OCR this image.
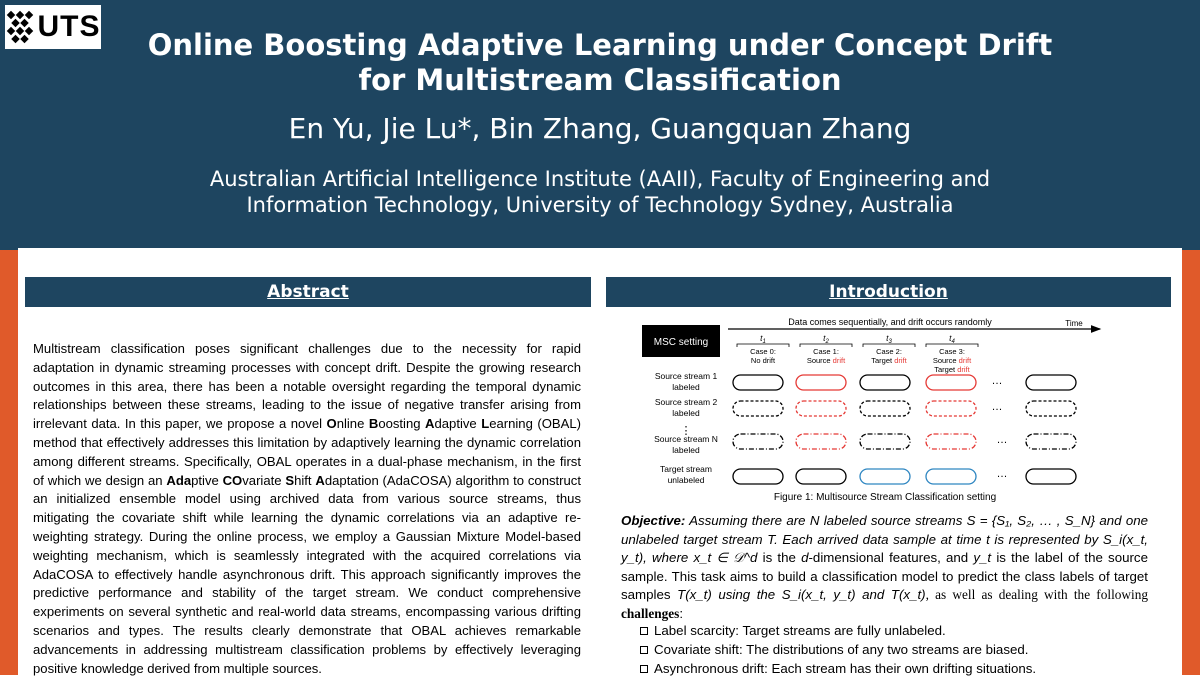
UTS
Online Boosting Adaptive Learning under Concept Drift
for Multistream Classification
En Yu, Jie Lu*, Bin Zhang, Guangquan Zhang
Australian Artificial Intelligence Institute (AAII), Faculty of Engineering and
Information Technology, University of Technology Sydney, Australia
Abstract	Introduction
Multistream classification poses significant challenges due to the necessity for rapid adaptation in dynamic streaming processes with concept drift. Despite the growing research outcomes in this area, there has been a notable oversight regarding the temporal dynamic relationships between these streams, leading to the issue of negative transfer arising from irrelevant data. In this paper, we propose a novel Online Boosting Adaptive Learning (OBAL) method that effectively addresses this limitation by adaptively learning the dynamic correlation among different streams. Specifically, OBAL operates in a dual-phase mechanism, in the first of which we design an Adaptive COvariate Shift Adaptation (AdaCOSA) algorithm to construct an initialized ensemble model using archived data from various source streams, thus mitigating the covariate shift while learning the dynamic correlations via an adaptive re-weighting strategy. During the online process, we employ a Gaussian Mixture Model-based weighting mechanism, which is seamlessly integrated with the acquired correlations via AdaCOSA to effectively handle asynchronous drift. This approach significantly improves the predictive performance and stability of the target stream. We conduct comprehensive experiments on several synthetic and real-world data streams, encompassing various drifting scenarios and types. The results clearly demonstrate that OBAL achieves remarkable advancements in addressing multistream classification problems by effectively leveraging positive knowledge derived from multiple sources.
MSC setting
Data comes sequentially, and drift occurs randomly	Time
$t_1$	$t_2$	$t_3$	$t_4$
Case 0:
No drift
Case 1:
Source drift
Case 2:
Target drift
Case 3:
Source drift
Target drift
Source stream 1
labeled
Source stream 2
labeled
⋮
Source stream N
labeled
Target stream
unlabeled
…
…
…
…
Figure 1: Multisource Stream Classification setting
Objective: Assuming there are N labeled source streams S = {S₁, S₂, … , S_N} and one unlabeled target stream T. Each arrived data sample at time t is represented by S_i(x_t, y_t), where x_t ∈ 𝒟^d is the d-dimensional features, and y_t is the label of the source sample. This task aims to build a classification model to predict the class labels of target samples T(x_t) using the S_i(x_t, y_t) and T(x_t), as well as dealing with the following challenges:
Label scarcity: Target streams are fully unlabeled.
Covariate shift: The distributions of any two streams are biased.
Asynchronous drift: Each stream has their own drifting situations.
